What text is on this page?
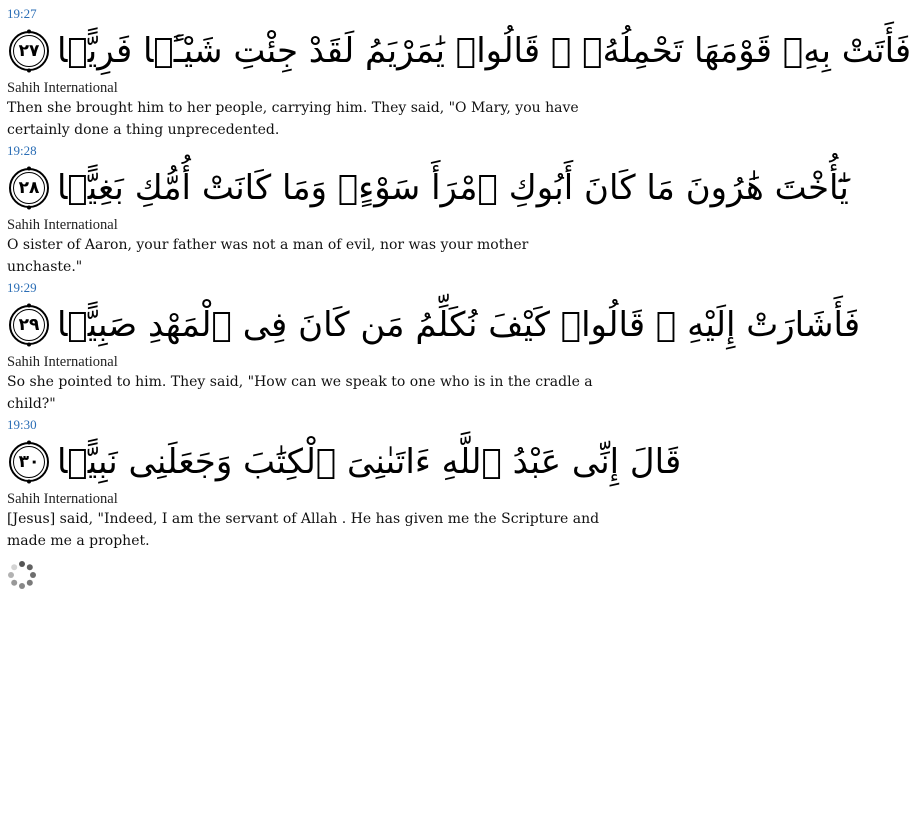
19:27
فَأَتَتْ بِهِۦ قَوْمَهَا تَحْمِلُهُۥ ۖ قَالُوا۟ يَٰمَرْيَمُ لَقَدْ جِئْتِ شَيْـًۭٔا فَرِيًّۭا
٢٧
Sahih International
Then she brought him to her people, carrying him. They said, "O Mary, you have certainly done a thing unprecedented.
19:28
يَٰٓأُخْتَ هَٰرُونَ مَا كَانَ أَبُوكِ ٱمْرَأَ سَوْءٍۢ وَمَا كَانَتْ أُمُّكِ بَغِيًّۭا
٢٨
Sahih International
O sister of Aaron, your father was not a man of evil, nor was your mother unchaste."
19:29
فَأَشَارَتْ إِلَيْهِ ۖ قَالُوا۟ كَيْفَ نُكَلِّمُ مَن كَانَ فِى ٱلْمَهْدِ صَبِيًّۭا
٢٩
Sahih International
So she pointed to him. They said, "How can we speak to one who is in the cradle a child?"
19:30
قَالَ إِنِّى عَبْدُ ٱللَّهِ ءَاتَىٰنِىَ ٱلْكِتَٰبَ وَجَعَلَنِى نَبِيًّۭا
٣٠
Sahih International
[Jesus] said, "Indeed, I am the servant of Allah . He has given me the Scripture and made me a prophet.
